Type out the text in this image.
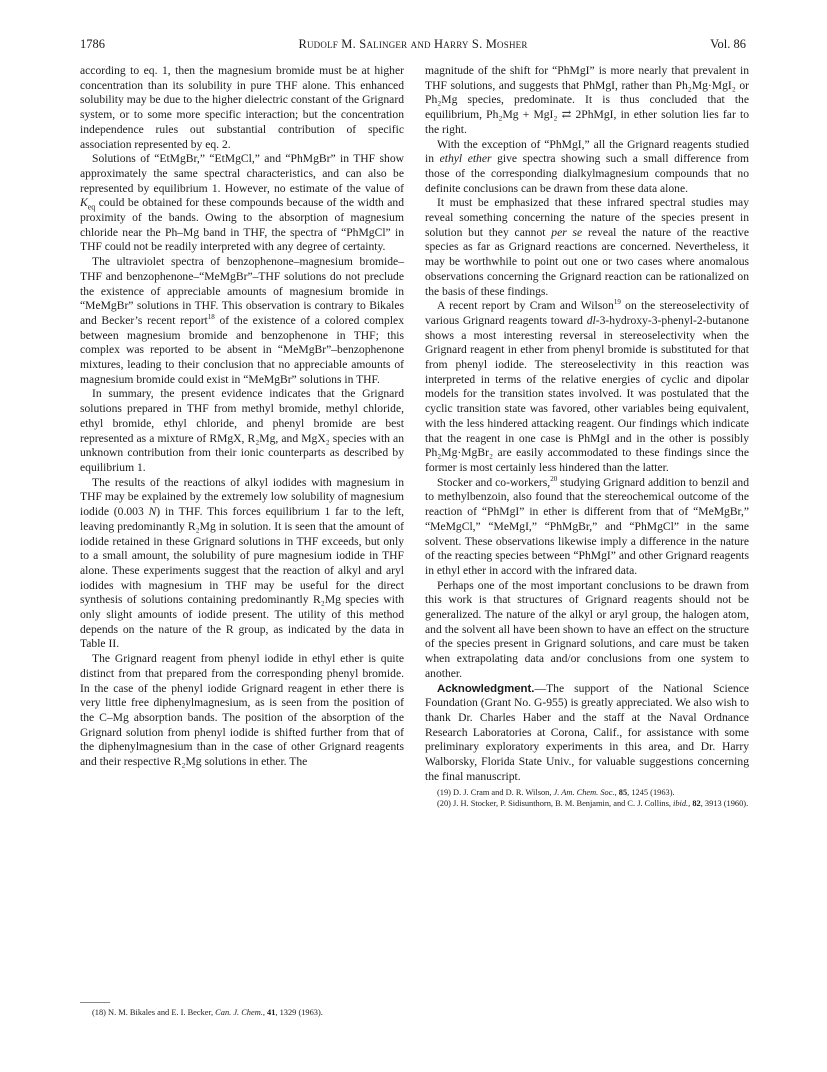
1786	Rudolf M. Salinger and Harry S. Mosher	Vol. 86

according to eq. 1, then the magnesium bromide must be at higher concentration than its solubility in pure THF alone. This enhanced solubility may be due to the higher dielectric constant of the Grignard system, or to some more specific interaction; but the concentration independence rules out substantial contribution of specific association represented by eq. 2.

Solutions of “EtMgBr,” “EtMgCl,” and “PhMgBr” in THF show approximately the same spectral characteristics, and can also be represented by equilibrium 1. However, no estimate of the value of $K_{eq}$ could be obtained for these compounds because of the width and proximity of the bands. Owing to the absorption of magnesium chloride near the Ph–Mg band in THF, the spectra of “PhMgCl” in THF could not be readily interpreted with any degree of certainty.

The ultraviolet spectra of benzophenone–magnesium bromide–THF and benzophenone–“MeMgBr”–THF solutions do not preclude the existence of appreciable amounts of magnesium bromide in “MeMgBr” solutions in THF. This observation is contrary to Bikales and Becker’s recent report$^{18}$ of the existence of a colored complex between magnesium bromide and benzophenone in THF; this complex was reported to be absent in “MeMgBr”–benzophenone mixtures, leading to their conclusion that no appreciable amounts of magnesium bromide could exist in “MeMgBr” solutions in THF.

In summary, the present evidence indicates that the Grignard solutions prepared in THF from methyl bromide, methyl chloride, ethyl bromide, ethyl chloride, and phenyl bromide are best represented as a mixture of RMgX, R₂Mg, and MgX₂ species with an unknown contribution from their ionic counterparts as described by equilibrium 1.

The results of the reactions of alkyl iodides with magnesium in THF may be explained by the extremely low solubility of magnesium iodide (0.003 N) in THF. This forces equilibrium 1 far to the left, leaving predominantly R₂Mg in solution. It is seen that the amount of iodide retained in these Grignard solutions in THF exceeds, but only to a small amount, the solubility of pure magnesium iodide in THF alone. These experiments suggest that the reaction of alkyl and aryl iodides with magnesium in THF may be useful for the direct synthesis of solutions containing predominantly R₂Mg species with only slight amounts of iodide present. The utility of this method depends on the nature of the R group, as indicated by the data in Table II.

The Grignard reagent from phenyl iodide in ethyl ether is quite distinct from that prepared from the corresponding phenyl bromide. In the case of the phenyl iodide Grignard reagent in ether there is very little free diphenylmagnesium, as is seen from the position of the C–Mg absorption bands. The position of the absorption of the Grignard solution from phenyl iodide is shifted further from that of the diphenylmagnesium than in the case of other Grignard reagents and their respective R₂Mg solutions in ether. The

(18) N. M. Bikales and E. I. Becker, Can. J. Chem., 41, 1329 (1963).

magnitude of the shift for “PhMgI” is more nearly that prevalent in THF solutions, and suggests that PhMgI, rather than Ph₂Mg·MgI₂ or Ph₂Mg species, predominate. It is thus concluded that the equilibrium, Ph₂Mg + MgI₂ ⇄ 2PhMgI, in ether solution lies far to the right.

With the exception of “PhMgI,” all the Grignard reagents studied in ethyl ether give spectra showing such a small difference from those of the corresponding dialkylmagnesium compounds that no definite conclusions can be drawn from these data alone.

It must be emphasized that these infrared spectral studies may reveal something concerning the nature of the species present in solution but they cannot per se reveal the nature of the reactive species as far as Grignard reactions are concerned. Nevertheless, it may be worthwhile to point out one or two cases where anomalous observations concerning the Grignard reaction can be rationalized on the basis of these findings.

A recent report by Cram and Wilson$^{19}$ on the stereoselectivity of various Grignard reagents toward dl-3-hydroxy-3-phenyl-2-butanone shows a most interesting reversal in stereoselectivity when the Grignard reagent in ether from phenyl bromide is substituted for that from phenyl iodide. The stereoselectivity in this reaction was interpreted in terms of the relative energies of cyclic and dipolar models for the transition states involved. It was postulated that the cyclic transition state was favored, other variables being equivalent, with the less hindered attacking reagent. Our findings which indicate that the reagent in one case is PhMgI and in the other is possibly Ph₂Mg·MgBr₂ are easily accommodated to these findings since the former is most certainly less hindered than the latter.

Stocker and co-workers,$^{20}$ studying Grignard addition to benzil and to methylbenzoin, also found that the stereochemical outcome of the reaction of “PhMgI” in ether is different from that of “MeMgBr,” “MeMgCl,” “MeMgI,” “PhMgBr,” and “PhMgCl” in the same solvent. These observations likewise imply a difference in the nature of the reacting species between “PhMgI” and other Grignard reagents in ethyl ether in accord with the infrared data.

Perhaps one of the most important conclusions to be drawn from this work is that structures of Grignard reagents should not be generalized. The nature of the alkyl or aryl group, the halogen atom, and the solvent all have been shown to have an effect on the structure of the species present in Grignard solutions, and care must be taken when extrapolating data and/or conclusions from one system to another.

Acknowledgment.—The support of the National Science Foundation (Grant No. G-955) is greatly appreciated. We also wish to thank Dr. Charles Haber and the staff at the Naval Ordnance Research Laboratories at Corona, Calif., for assistance with some preliminary exploratory experiments in this area, and Dr. Harry Walborsky, Florida State Univ., for valuable suggestions concerning the final manuscript.

(19) D. J. Cram and D. R. Wilson, J. Am. Chem. Soc., 85, 1245 (1963).

(20) J. H. Stocker, P. Sidisunthorn, B. M. Benjamin, and C. J. Collins, ibid., 82, 3913 (1960).
